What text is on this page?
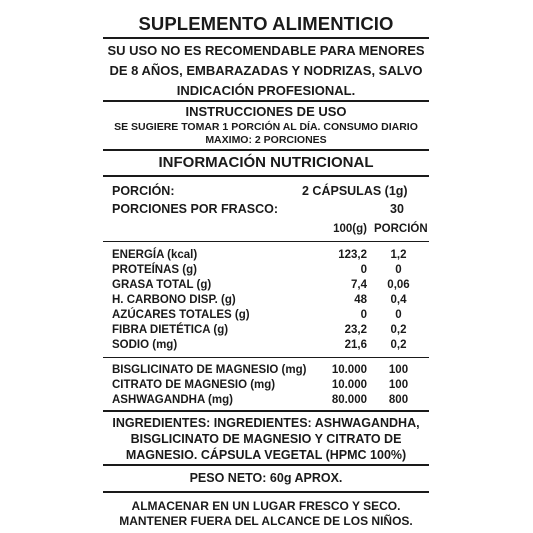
SUPLEMENTO ALIMENTICIO
SU USO NO ES RECOMENDABLE PARA MENORES
DE 8 AÑOS, EMBARAZADAS Y NODRIZAS, SALVO
INDICACIÓN PROFESIONAL.
INSTRUCCIONES DE USO
SE SUGIERE TOMAR 1 PORCIÓN AL DÍA. CONSUMO DIARIO
MAXIMO: 2 PORCIONES
INFORMACIÓN NUTRICIONAL
PORCIÓN:	2 CÁPSULAS (1g)
PORCIONES POR FRASCO:	30
100(g) PORCIÓN
ENERGÍA (kcal)	123,2	1,2
PROTEÍNAS (g)	0	0
GRASA TOTAL (g)	7,4	0,06
H. CARBONO DISP. (g)	48	0,4
AZÚCARES TOTALES (g)	0	0
FIBRA DIETÉTICA (g)	23,2	0,2
SODIO (mg)	21,6	0,2
BISGLICINATO DE MAGNESIO (mg)	10.000	100
CITRATO DE MAGNESIO (mg)	10.000	100
ASHWAGANDHA (mg)	80.000	800
INGREDIENTES: INGREDIENTES: ASHWAGANDHA,
BISGLICINATO DE MAGNESIO Y CITRATO DE
MAGNESIO. CÁPSULA VEGETAL (HPMC 100%)
PESO NETO: 60g APROX.
ALMACENAR EN UN LUGAR FRESCO Y SECO.
MANTENER FUERA DEL ALCANCE DE LOS NIÑOS.
